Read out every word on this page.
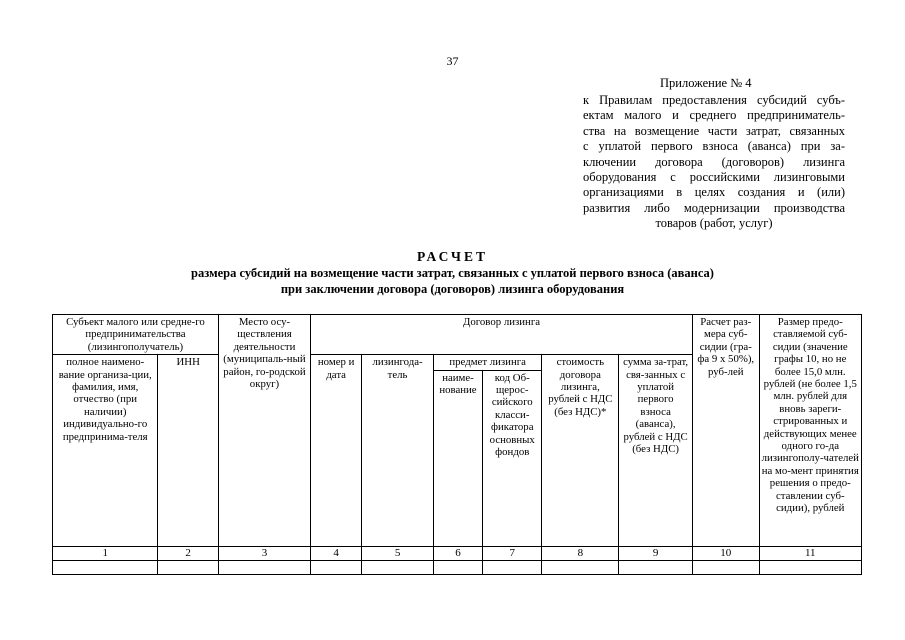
37
Приложение № 4
к Правилам предоставления субсидий субъ-
ектам малого и среднего предприниматель-
ства на возмещение части затрат, связанных
с уплатой первого взноса (аванса) при за-
ключении договора (договоров) лизинга
оборудования с российскими лизинговыми
организациями в целях создания и (или)
развития либо модернизации производства
товаров (работ, услуг)
РАСЧЕТ
размера субсидий на возмещение части затрат, связанных с уплатой первого взноса (аванса)
при заключении договора (договоров) лизинга оборудования
Субъект малого или средне-го предпринимательства (лизингополучатель)		Место осу-ществления деятельности (муниципаль-ный район, го-родской округ)	Договор лизинга						Расчет раз-мера суб-сидии (гра-фа 9 х 50%), руб-лей	Размер предо-ставляемой суб-сидии (значение графы 10, но не более 15,0 млн. рублей (не более 1,5 млн. рублей для вновь зареги-стрированных и действующих менее одного го-да лизингополу-чателей на мо-мент принятия решения о предо-ставлении суб-сидии), рублей
полное наимено-вание организа-ции, фамилия, имя, отчество (при наличии) индивидуально-го предпринима-теля	ИНН		номер и дата	лизингода-тель	предмет лизинга		стоимость договора лизинга, рублей с НДС (без НДС)*	сумма за-трат, свя-занных с уплатой первого взноса (аванса), рублей с НДС (без НДС)		
					наиме-нование	код Об-щерос-сийского класси-фикатора основных фондов				
1	2	3	4	5	6	7	8	9	10	11
